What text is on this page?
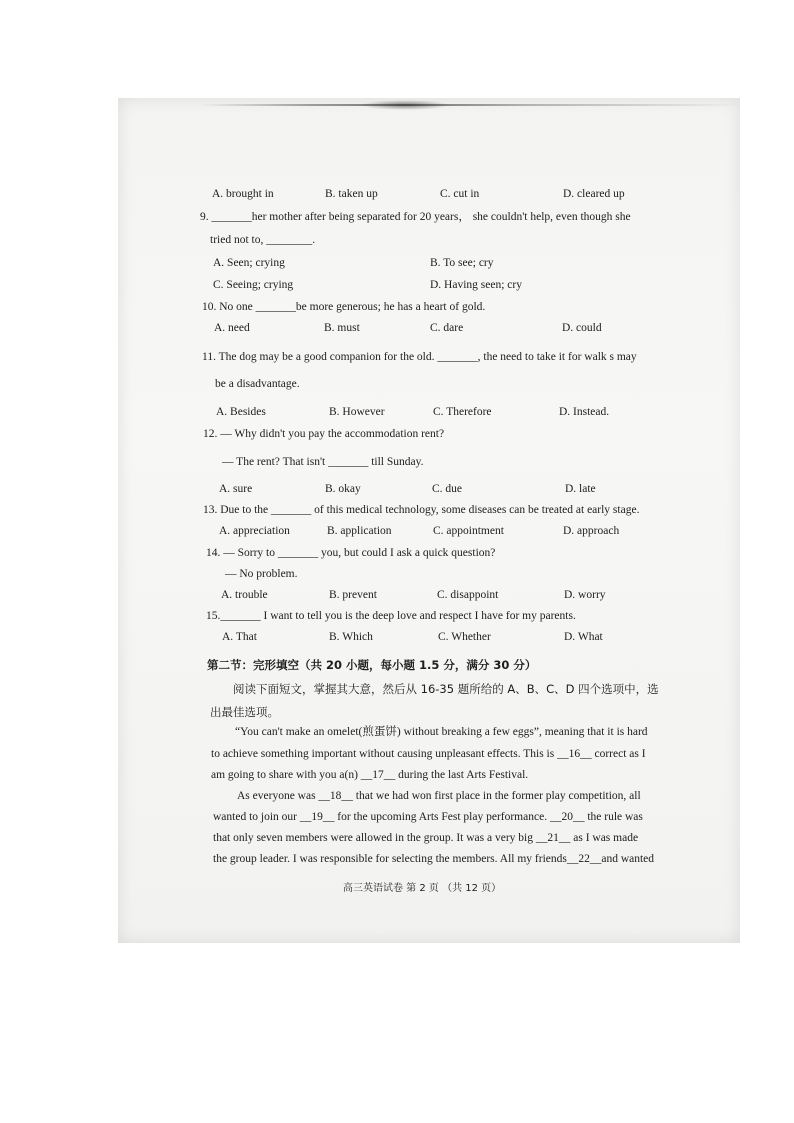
A. brought in	B. taken up	C. cut in	D. cleared up
9. _______her mother after being separated for 20 years， she couldn't help, even though she
tried not to, ________.
A. Seen; crying	B. To see; cry
C. Seeing; crying	D. Having seen; cry
10. No one _______be more generous; he has a heart of gold.
A. need	B. must	C. dare	D. could
11. The dog may be a good companion for the old. _______, the need to take it for walk s may
be a disadvantage.
A. Besides	B. However	C. Therefore	D. Instead.
12. — Why didn't you pay the accommodation rent?
— The rent? That isn't _______ till Sunday.
A. sure	B. okay	C. due	D. late
13. Due to the _______ of this medical technology, some diseases can be treated at early stage.
A. appreciation	B. application	C. appointment	D. approach
14. — Sorry to _______ you, but could I ask a quick question?
— No problem.
A. trouble	B. prevent	C. disappoint	D. worry
15._______ I want to tell you is the deep love and respect I have for my parents.
A. That	B. Which	C. Whether	D. What
第二节：完形填空（共 20 小题，每小题 1.5 分，满分 30 分）
阅读下面短文，掌握其大意，然后从 16-35 题所给的 A、B、C、D 四个选项中，选
出最佳选项。
“You can't make an omelet(煎蛋饼) without breaking a few eggs”, meaning that it is hard
to achieve something important without causing unpleasant effects. This is __16__ correct as I
am going to share with you a(n) __17__ during the last Arts Festival.
As everyone was __18__ that we had won first place in the former play competition, all
wanted to join our __19__ for the upcoming Arts Fest play performance. __20__ the rule was
that only seven members were allowed in the group. It was a very big __21__ as I was made
the group leader. I was responsible for selecting the members. All my friends__22__and wanted
高三英语试卷 第 2 页 （共 12 页）
